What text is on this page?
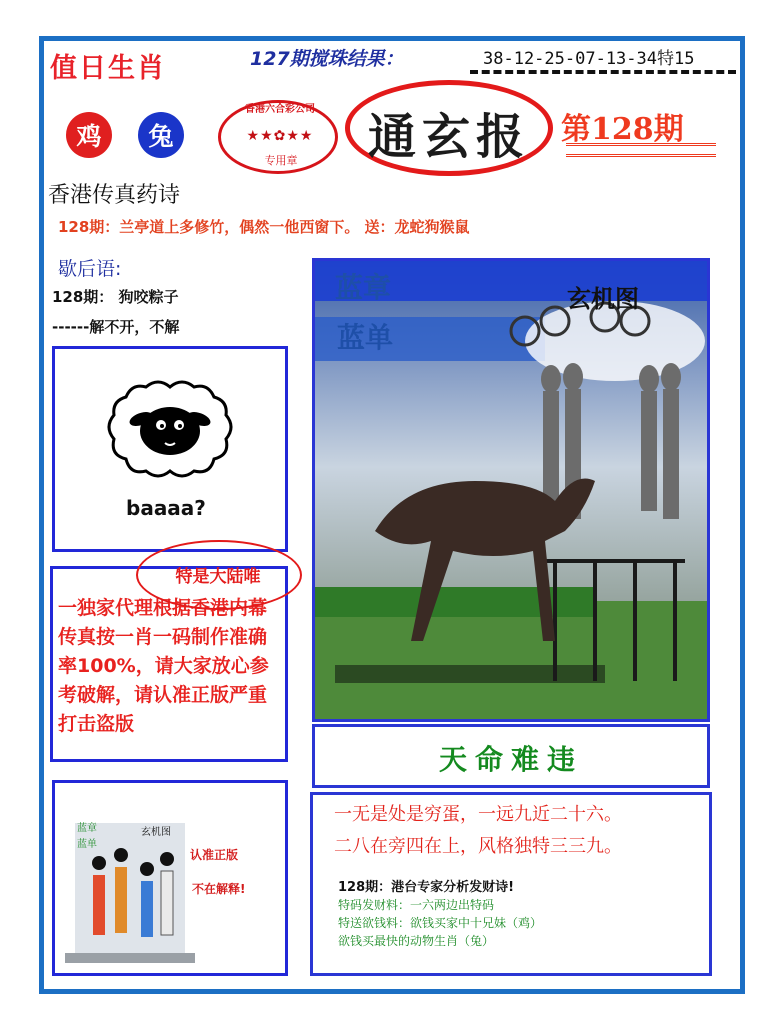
值日生肖	127期搅珠结果：	38-12-25-07-13-34特15
鸡	兔
香港六合彩公司
★★✿★★
专用章	通玄报	第128期
香港传真药诗
128期：兰亭道上多修竹，偶然一他西窗下。 送：龙蛇狗猴鼠
歇后语:
128期： 狗咬粽子
------解不开，不解
baaaa?
一独家代理根据香港内幕传真按一肖一码制作准确率100%，请大家放心参考破解，请认准正版严重打击盗版
特是大陆唯
蓝章
蓝单
玄机图
认准正版
不在解释!
蓝章
蓝单
玄机图
天命难违
一无是处是穷蛋，一远九近二十六。
二八在旁四在上，风格独特三三九。
128期：港台专家分析发财诗!
特码发财料：一六两边出特码
特送欲钱料：欲钱买家中十兄妹（鸡）
欲钱买最快的动物生肖（兔）
